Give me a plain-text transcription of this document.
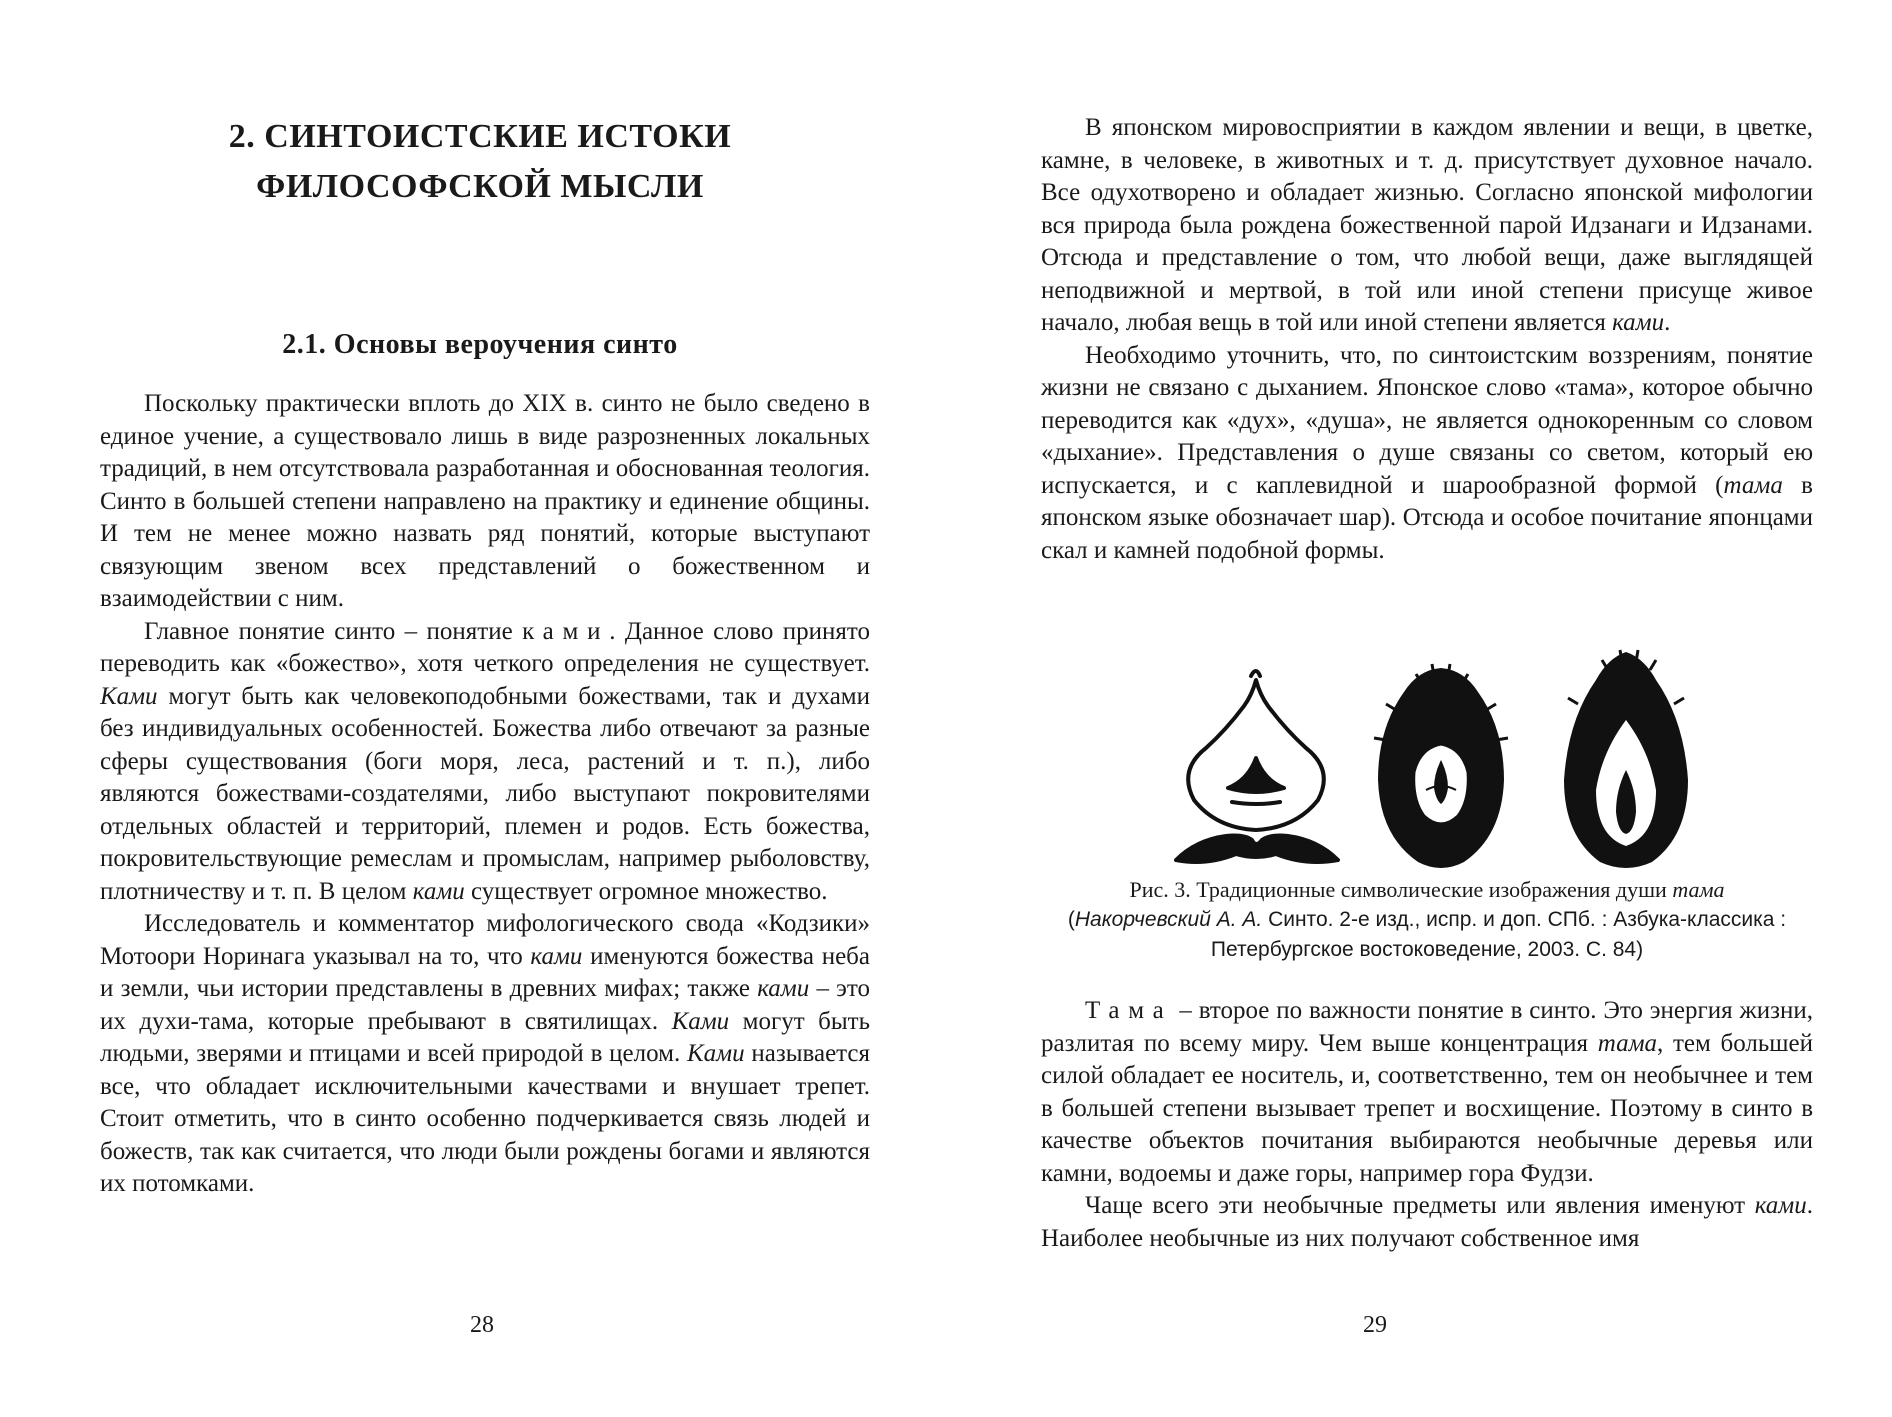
2. СИНТОИСТСКИЕ ИСТОКИ
ФИЛОСОФСКОЙ МЫСЛИ
2.1. Основы вероучения синто

Поскольку практически вплоть до XIX в. синто не было сведено в единое учение, а существовало лишь в виде разрозненных локальных традиций, в нем отсутствовала разработанная и обоснованная теология. Синто в большей степени направлено на практику и единение общины. И тем не менее можно назвать ряд понятий, которые выступают связующим звеном всех представлений о божественном и взаимодействии с ним.

Главное понятие синто – понятие ками. Данное слово принято переводить как «божество», хотя четкого определения не существует. Ками могут быть как человекоподобными божествами, так и духами без индивидуальных особенностей. Божества либо отвечают за разные сферы существования (боги моря, леса, растений и т. п.), либо являются божествами-создателями, либо выступают покровителями отдельных областей и территорий, племен и родов. Есть божества, покровительствующие ремеслам и промыслам, например рыболовству, плотничеству и т. п. В целом ками существует огромное множество.

Исследователь и комментатор мифологического свода «Кодзики» Мотоори Норинага указывал на то, что ками именуются божества неба и земли, чьи истории представлены в древних мифах; также ками – это их духи-тама, которые пребывают в святилищах. Ками могут быть людьми, зверями и птицами и всей природой в целом. Ками называется все, что обладает исключительными качествами и внушает трепет. Стоит отметить, что в синто особенно подчеркивается связь людей и божеств, так как считается, что люди были рождены богами и являются их потомками.

28

В японском мировосприятии в каждом явлении и вещи, в цветке, камне, в человеке, в животных и т. д. присутствует духовное начало. Все одухотворено и обладает жизнью. Согласно японской мифологии вся природа была рождена божественной парой Идзанаги и Идзанами. Отсюда и представление о том, что любой вещи, даже выглядящей неподвижной и мертвой, в той или иной степени присуще живое начало, любая вещь в той или иной степени является ками.

Необходимо уточнить, что, по синтоистским воззрениям, понятие жизни не связано с дыханием. Японское слово «тама», которое обычно переводится как «дух», «душа», не является однокоренным со словом «дыхание». Представления о душе связаны со светом, который ею испускается, и с каплевидной и шарообразной формой (тама в японском языке обозначает шар). Отсюда и особое почитание японцами скал и камней подобной формы.

Рис. 3. Традиционные символические изображения души тама
(Накорчевский А. А. Синто. 2-е изд., испр. и доп. СПб. : Азбука-классика :
Петербургское востоковедение, 2003. С. 84)

Тама – второе по важности понятие в синто. Это энергия жизни, разлитая по всему миру. Чем выше концентрация тама, тем большей силой обладает ее носитель, и, соответственно, тем он необычнее и тем в большей степени вызывает трепет и восхищение. Поэтому в синто в качестве объектов почитания выбираются необычные деревья или камни, водоемы и даже горы, например гора Фудзи.

Чаще всего эти необычные предметы или явления именуют ками. Наиболее необычные из них получают собственное имя

29
